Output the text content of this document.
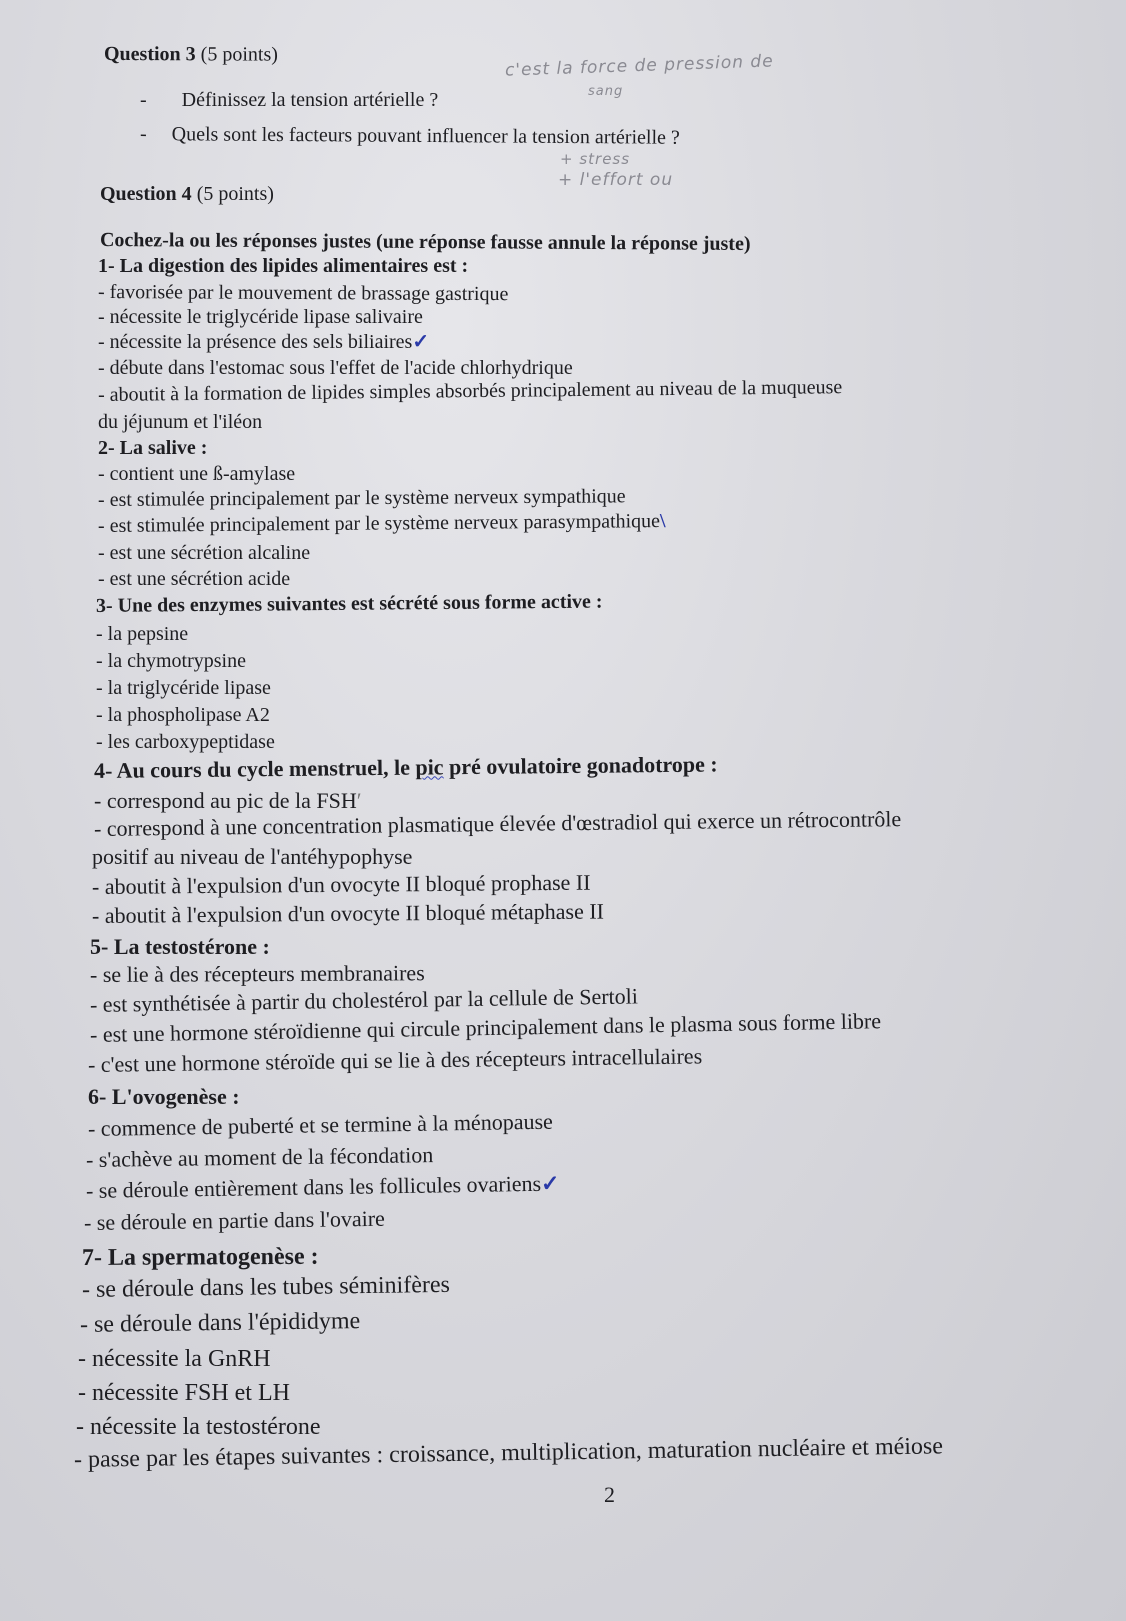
Question 3 (5 points)
-       Définissez la tension artérielle ?
-     Quels sont les facteurs pouvant influencer la tension artérielle ?
c'est la force de pression de
sang
+ stress
+ l'effort ou
Question 4 (5 points)
Cochez-la ou les réponses justes (une réponse fausse annule la réponse juste)
1- La digestion des lipides alimentaires est :
- favorisée par le mouvement de brassage gastrique
- nécessite le triglycéride lipase salivaire
- nécessite la présence des sels biliaires✓
- débute dans l'estomac sous l'effet de l'acide chlorhydrique
- aboutit à la formation de lipides simples absorbés principalement au niveau de la muqueuse
du jéjunum et l'iléon
2- La salive :
- contient une ß-amylase
- est stimulée principalement par le système nerveux sympathique
- est stimulée principalement par le système nerveux parasympathique\
- est une sécrétion alcaline
- est une sécrétion acide
3- Une des enzymes suivantes est sécrété sous forme active :
- la pepsine
- la chymotrypsine
- la triglycéride lipase
- la phospholipase A2
- les carboxypeptidase
4- Au cours du cycle menstruel, le pic pré ovulatoire gonadotrope :
- correspond au pic de la FSH′
- correspond à une concentration plasmatique élevée d'œstradiol qui exerce un rétrocontrôle
positif au niveau de l'antéhypophyse
- aboutit à l'expulsion d'un ovocyte II bloqué prophase II
- aboutit à l'expulsion d'un ovocyte II bloqué métaphase II
5- La testostérone :
- se lie à des récepteurs membranaires
- est synthétisée à partir du cholestérol par la cellule de Sertoli
- est une hormone stéroïdienne qui circule principalement dans le plasma sous forme libre
- c'est une hormone stéroïde qui se lie à des récepteurs intracellulaires
6- L'ovogenèse :
- commence de puberté et se termine à la ménopause
- s'achève au moment de la fécondation
- se déroule entièrement dans les follicules ovariens✓
- se déroule en partie dans l'ovaire
7- La spermatogenèse :
- se déroule dans les tubes séminifères
- se déroule dans l'épididyme
- nécessite la GnRH
- nécessite FSH et LH
- nécessite la testostérone
- passe par les étapes suivantes : croissance, multiplication, maturation nucléaire et méiose
2
